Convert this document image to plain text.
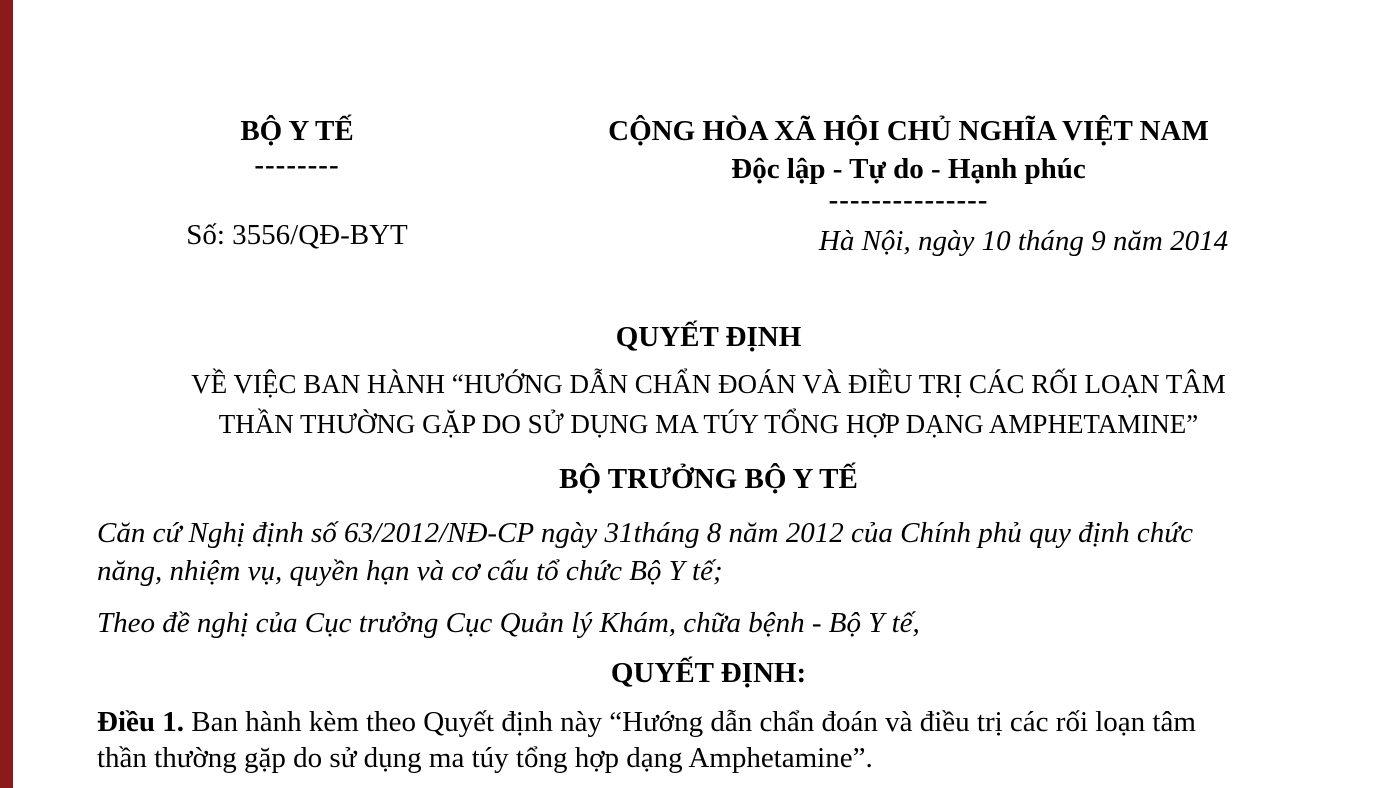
BỘ Y TẾ
--------
Số: 3556/QĐ-BYT
CỘNG HÒA XÃ HỘI CHỦ NGHĨA VIỆT NAM
Độc lập - Tự do - Hạnh phúc
---------------
Hà Nội, ngày 10 tháng 9 năm 2014
QUYẾT ĐỊNH
VỀ VIỆC BAN HÀNH “HƯỚNG DẪN CHẨN ĐOÁN VÀ ĐIỀU TRỊ CÁC RỐI LOẠN TÂM
THẦN THƯỜNG GẶP DO SỬ DỤNG MA TÚY TỔNG HỢP DẠNG AMPHETAMINE”
BỘ TRƯỞNG BỘ Y TẾ
Căn cứ Nghị định số 63/2012/NĐ-CP ngày 31tháng 8 năm 2012 của Chính phủ quy định chức
năng, nhiệm vụ, quyền hạn và cơ cấu tổ chức Bộ Y tế;
Theo đề nghị của Cục trưởng Cục Quản lý Khám, chữa bệnh - Bộ Y tế,
QUYẾT ĐỊNH:
Điều 1. Ban hành kèm theo Quyết định này “Hướng dẫn chẩn đoán và điều trị các rối loạn tâm
thần thường gặp do sử dụng ma túy tổng hợp dạng Amphetamine”.
